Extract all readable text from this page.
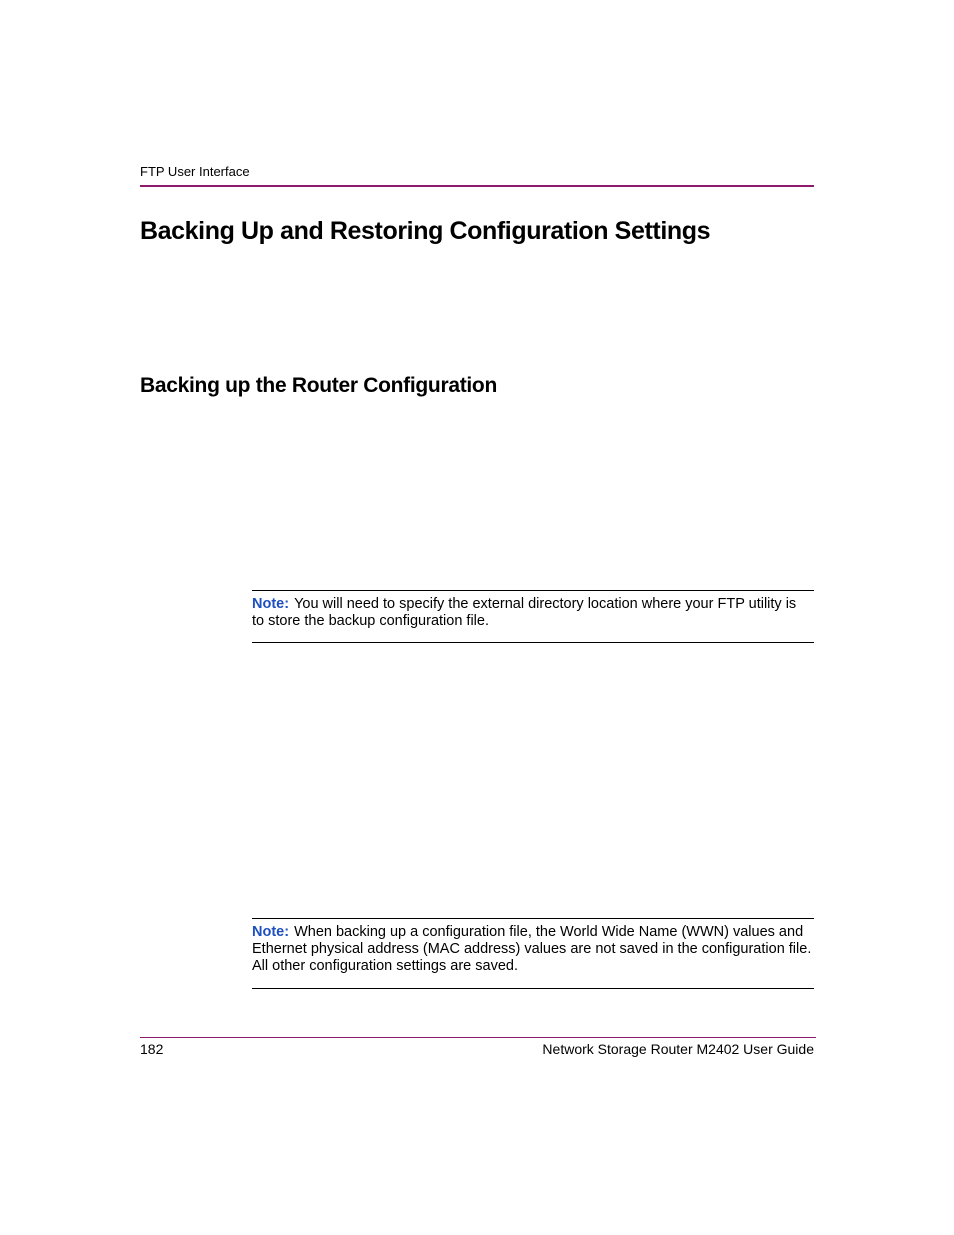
FTP User Interface
Backing Up and Restoring Configuration Settings
Backing up the Router Configuration
Note: You will need to specify the external directory location where your FTP utility is to store the backup configuration file.
Note: When backing up a configuration file, the World Wide Name (WWN) values and Ethernet physical address (MAC address) values are not saved in the configuration file. All other configuration settings are saved.
182	Network Storage Router M2402 User Guide
